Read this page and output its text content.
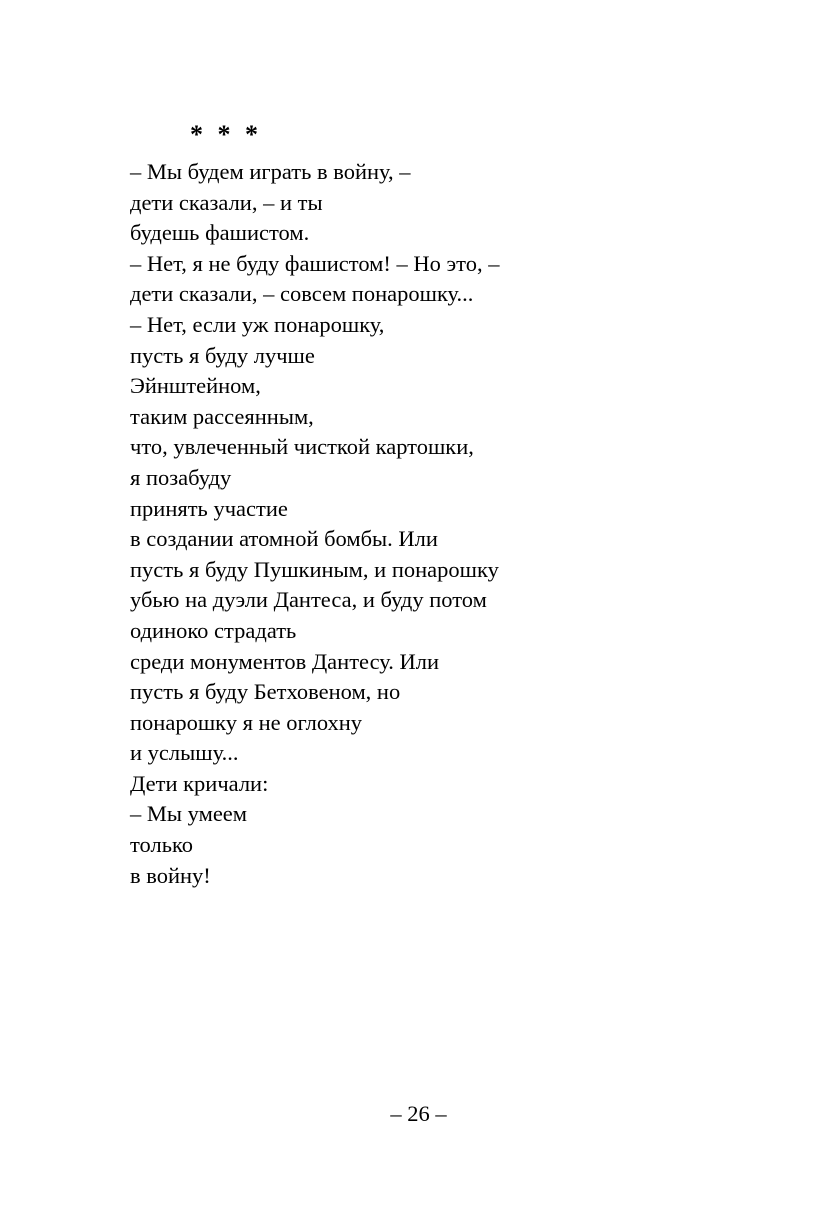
* * *
– Мы будем играть в войну, –
дети сказали, – и ты
будешь фашистом.
– Нет, я не буду фашистом! – Но это, –
дети сказали, – совсем понарошку...
– Нет, если уж понарошку,
пусть я буду лучше
Эйнштейном,
таким рассеянным,
что, увлеченный чисткой картошки,
я позабуду
принять участие
в создании атомной бомбы. Или
пусть я буду Пушкиным, и понарошку
убью на дуэли Дантеса, и буду потом
одиноко страдать
среди монументов Дантесу. Или
пусть я буду Бетховеном, но
понарошку я не оглохну
и услышу...
Дети кричали:
– Мы умеем
только
в войну!
– 26 –
